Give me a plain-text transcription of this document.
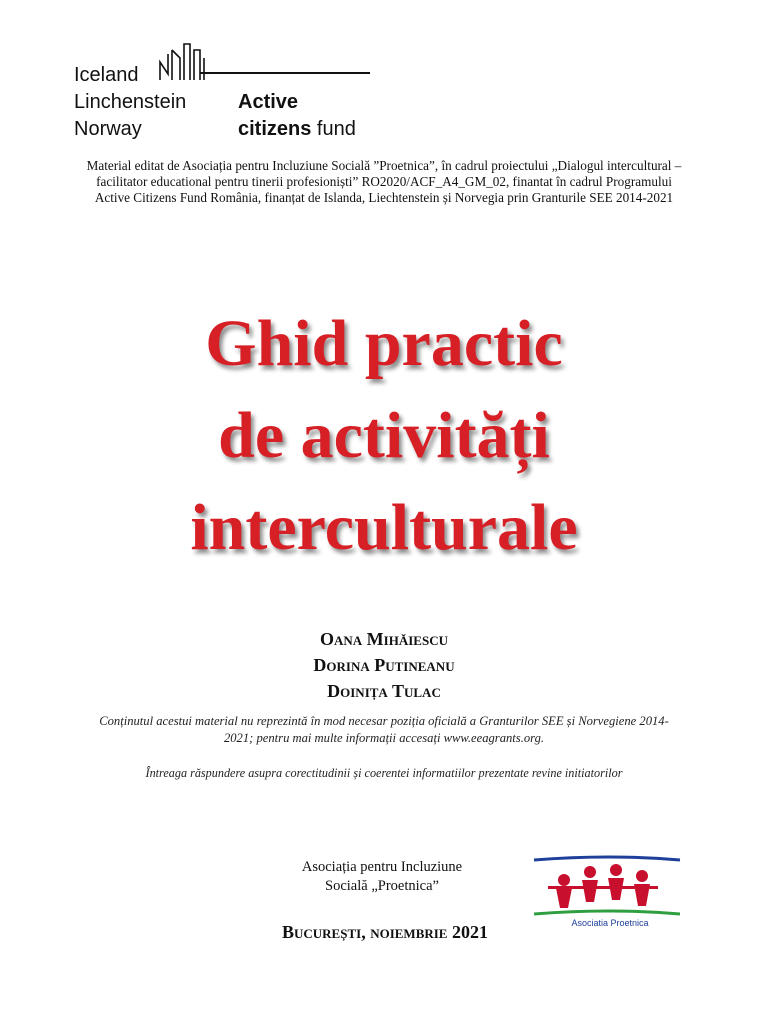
Iceland
Linchenstein
Norway
Active
citizens fund
Material editat de Asociația pentru Incluziune Socială ”Proetnica”, în cadrul proiectului „Dialogul intercultural – facilitator educational pentru tinerii profesioniști” RO2020/ACF_A4_GM_02, finantat în cadrul Programului Active Citizens Fund România, finanțat de Islanda, Liechtenstein și Norvegia prin Granturile SEE 2014-2021
Ghid practic
de activități
interculturale
Oana Mihăiescu
Dorina Putineanu
Doinița Tulac
Conținutul acestui material nu reprezintă în mod necesar poziția oficială a Granturilor SEE și Norvegiene 2014-2021; pentru mai multe informații accesați www.eeagrants.org.
Întreaga răspundere asupra corectitudinii și coerentei informatiilor prezentate revine initiatorilor
Asociația pentru Incluziune
Socială „Proetnica”
Asociatia Proetnica
București, noiembrie 2021
